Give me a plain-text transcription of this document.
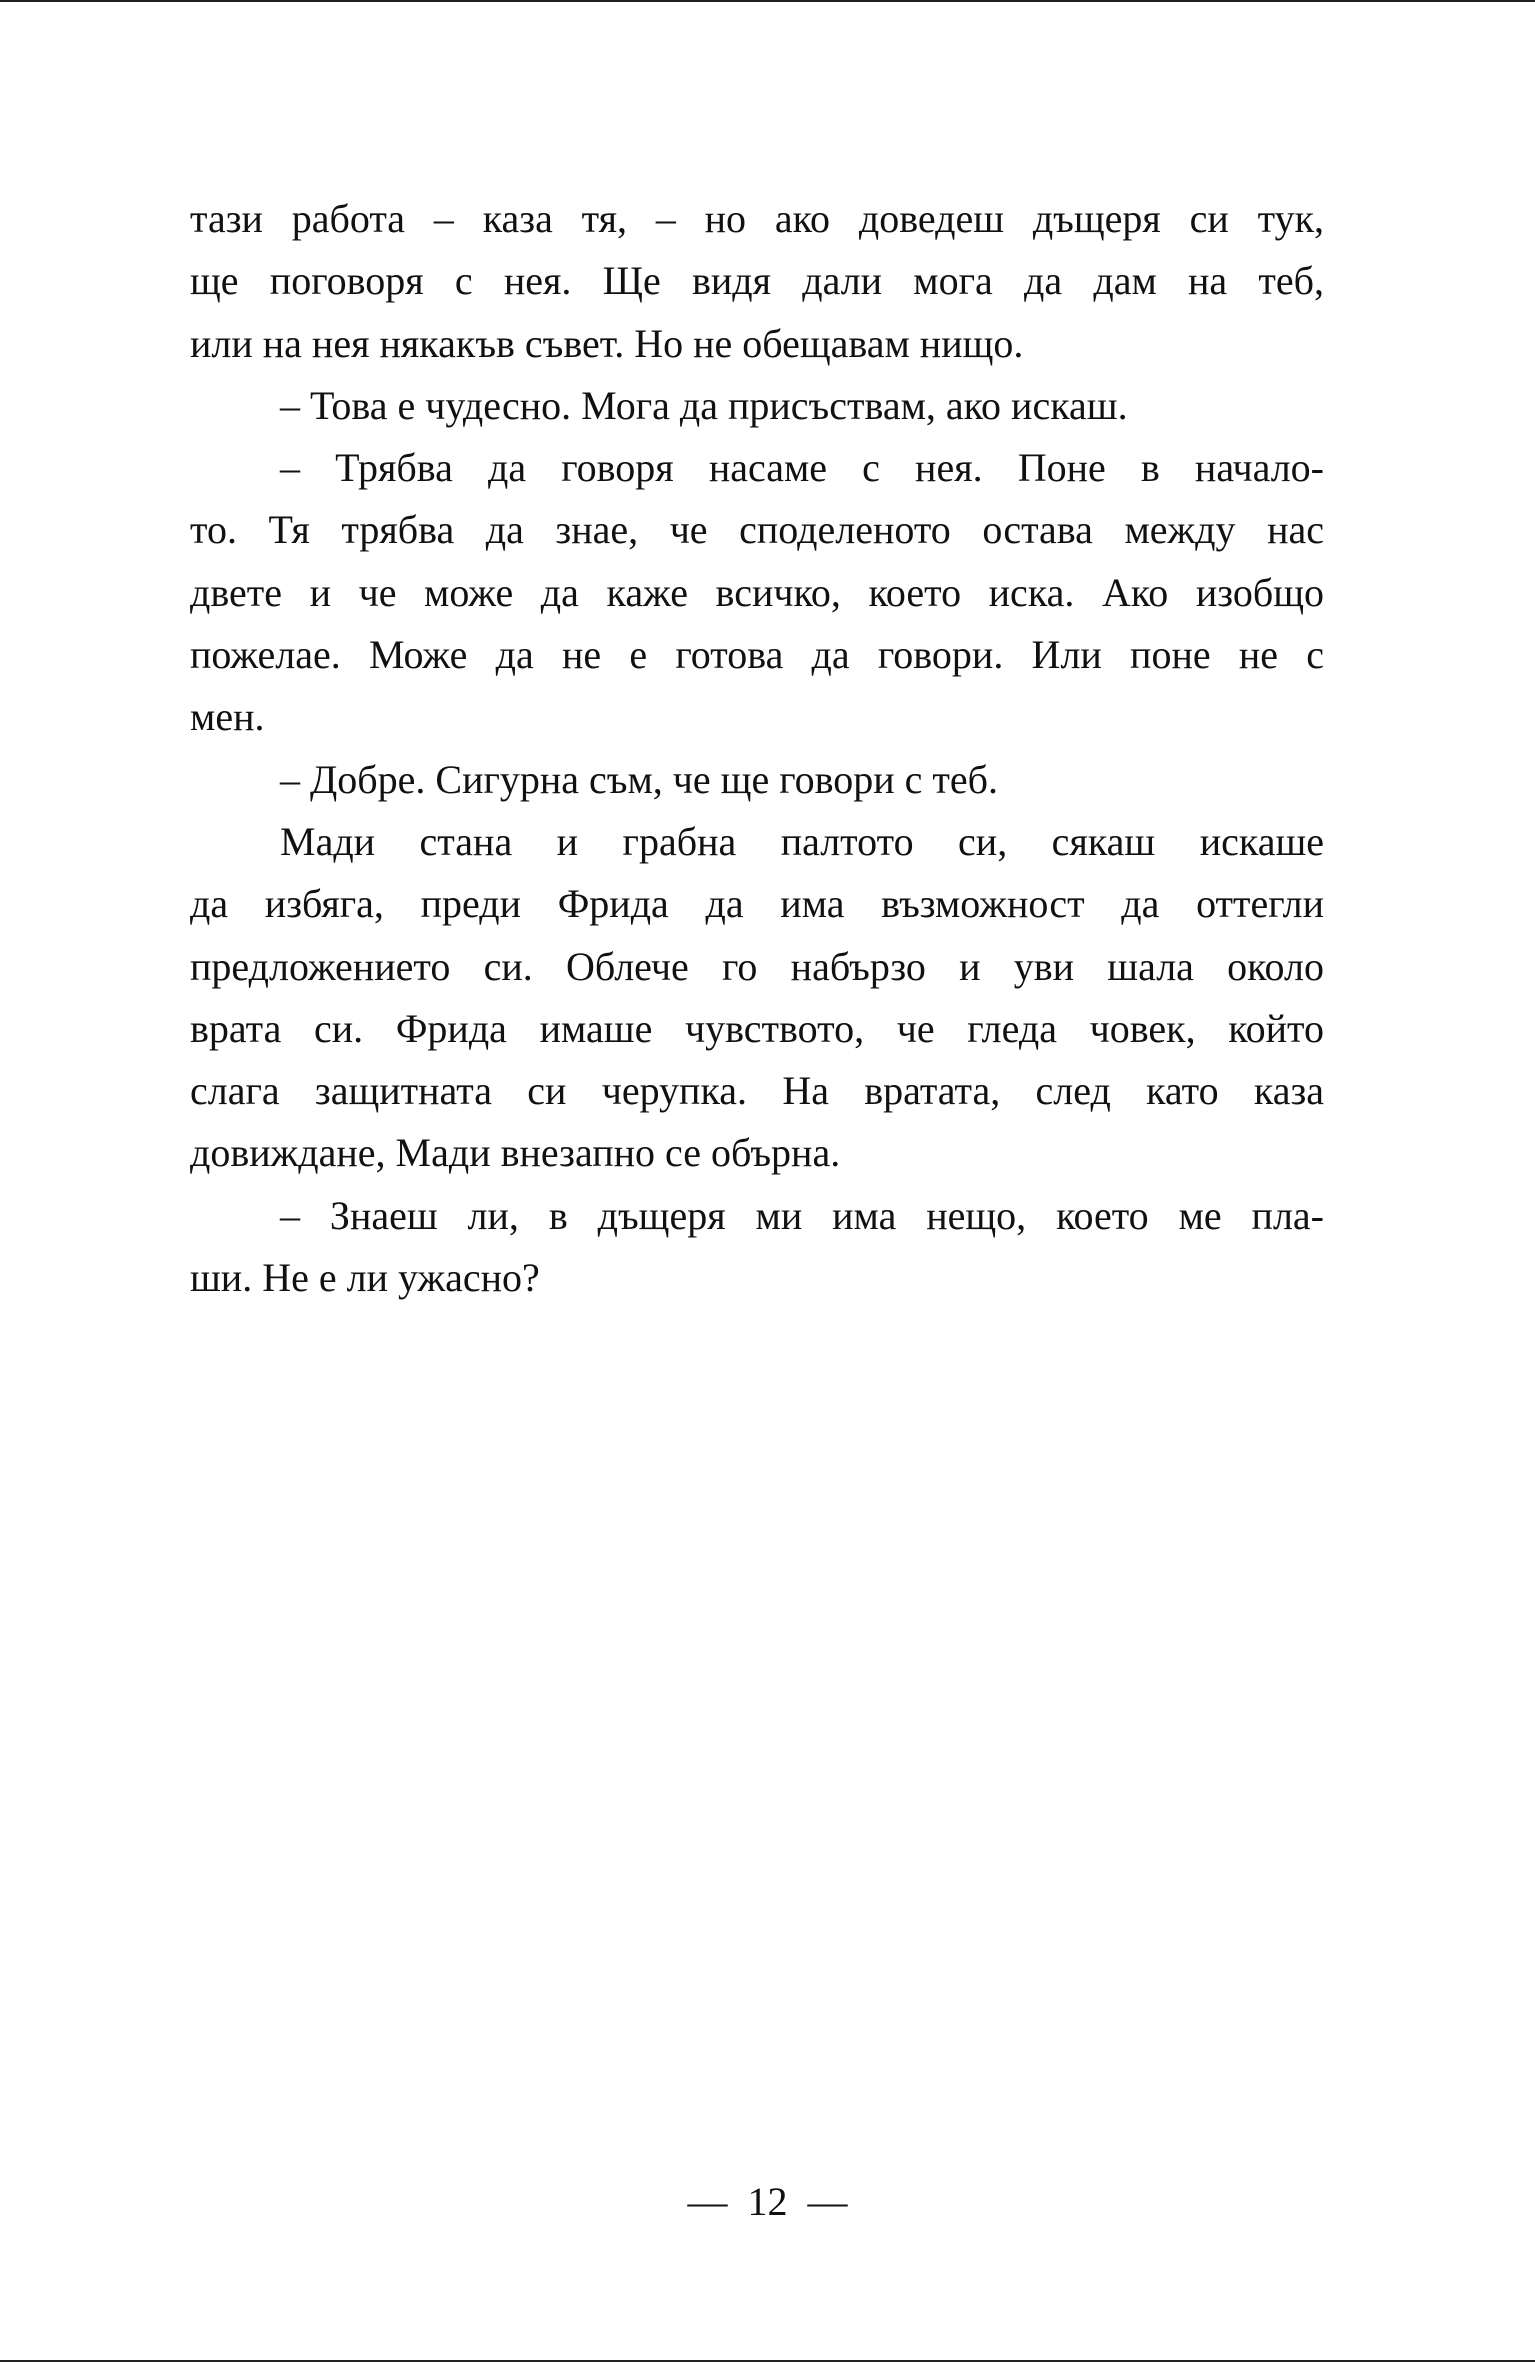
тази работа – каза тя, – но ако доведеш дъщеря си тук,
ще поговоря с нея. Ще видя дали мога да дам на теб,
или на нея някакъв съвет. Но не обещавам нищо.
– Това е чудесно. Мога да присъствам, ако искаш.
– Трябва да говоря насаме с нея. Поне в начало-
то. Тя трябва да знае, че споделеното остава между нас
двете и че може да каже всичко, което иска. Ако изобщо
пожелае. Може да не е готова да говори. Или поне не с
мен.
– Добре. Сигурна съм, че ще говори с теб.
Мади стана и грабна палтото си, сякаш искаше
да избяга, преди Фрида да има възможност да оттегли
предложението си. Облече го набързо и уви шала около
врата си. Фрида имаше чувството, че гледа човек, който
слага защитната си черупка. На вратата, след като каза
довиждане, Мади внезапно се обърна.
– Знаеш ли, в дъщеря ми има нещо, което ме пла-
ши. Не е ли ужасно?
—  12  —
